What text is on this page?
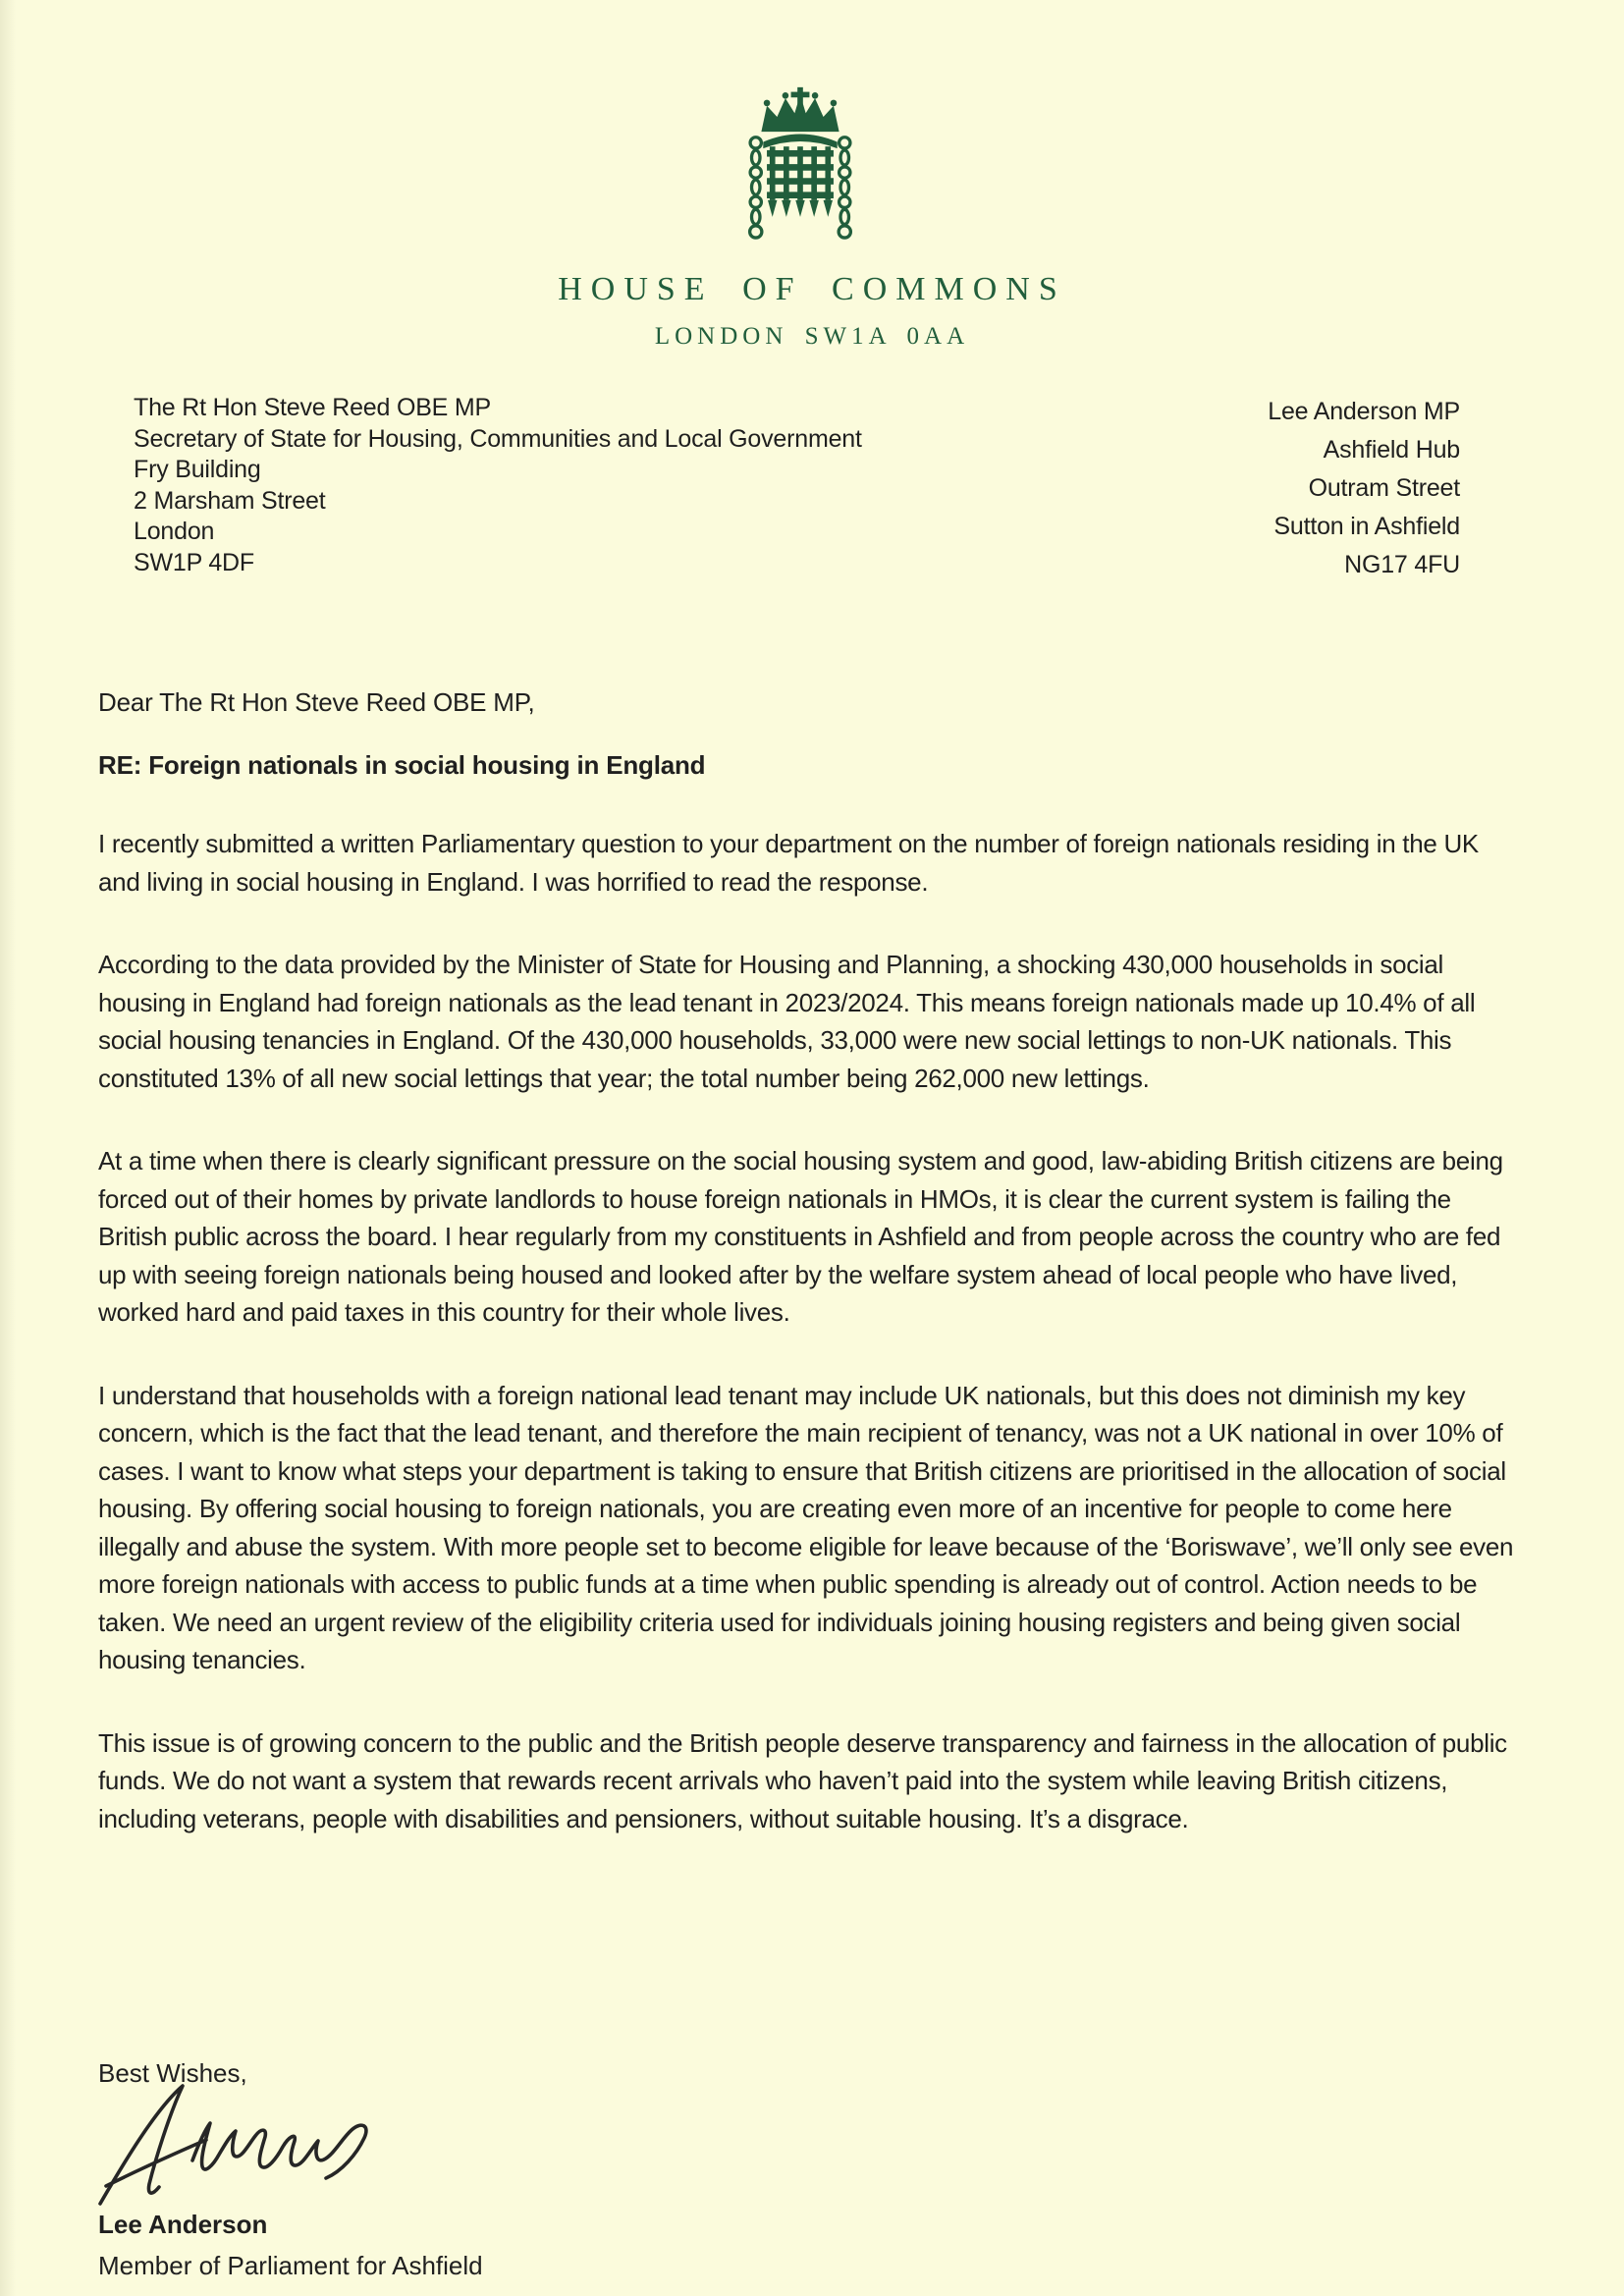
HOUSE OF COMMONS
LONDON SW1A 0AA
The Rt Hon Steve Reed OBE MP
Secretary of State for Housing, Communities and Local Government
Fry Building
2 Marsham Street
London
SW1P 4DF
Lee Anderson MP
Ashfield Hub
Outram Street
Sutton in Ashfield
NG17 4FU
Dear The Rt Hon Steve Reed OBE MP,
RE: Foreign nationals in social housing in England

I recently submitted a written Parliamentary question to your department on the number of foreign nationals residing in the UK and living in social housing in England. I was horrified to read the response.

According to the data provided by the Minister of State for Housing and Planning, a shocking 430,000 households in social housing in England had foreign nationals as the lead tenant in 2023/2024. This means foreign nationals made up 10.4% of all social housing tenancies in England. Of the 430,000 households, 33,000 were new social lettings to non-UK nationals. This constituted 13% of all new social lettings that year; the total number being 262,000 new lettings.

At a time when there is clearly significant pressure on the social housing system and good, law-abiding British citizens are being forced out of their homes by private landlords to house foreign nationals in HMOs, it is clear the current system is failing the British public across the board. I hear regularly from my constituents in Ashfield and from people across the country who are fed up with seeing foreign nationals being housed and looked after by the welfare system ahead of local people who have lived, worked hard and paid taxes in this country for their whole lives.

I understand that households with a foreign national lead tenant may include UK nationals, but this does not diminish my key concern, which is the fact that the lead tenant, and therefore the main recipient of tenancy, was not a UK national in over 10% of cases. I want to know what steps your department is taking to ensure that British citizens are prioritised in the allocation of social housing. By offering social housing to foreign nationals, you are creating even more of an incentive for people to come here illegally and abuse the system. With more people set to become eligible for leave because of the ‘Boriswave’, we’ll only see even more foreign nationals with access to public funds at a time when public spending is already out of control. Action needs to be taken. We need an urgent review of the eligibility criteria used for individuals joining housing registers and being given social housing tenancies.

This issue is of growing concern to the public and the British people deserve transparency and fairness in the allocation of public funds. We do not want a system that rewards recent arrivals who haven’t paid into the system while leaving British citizens, including veterans, people with disabilities and pensioners, without suitable housing. It’s a disgrace.

Best Wishes,
Lee Anderson
Member of Parliament for Ashfield
